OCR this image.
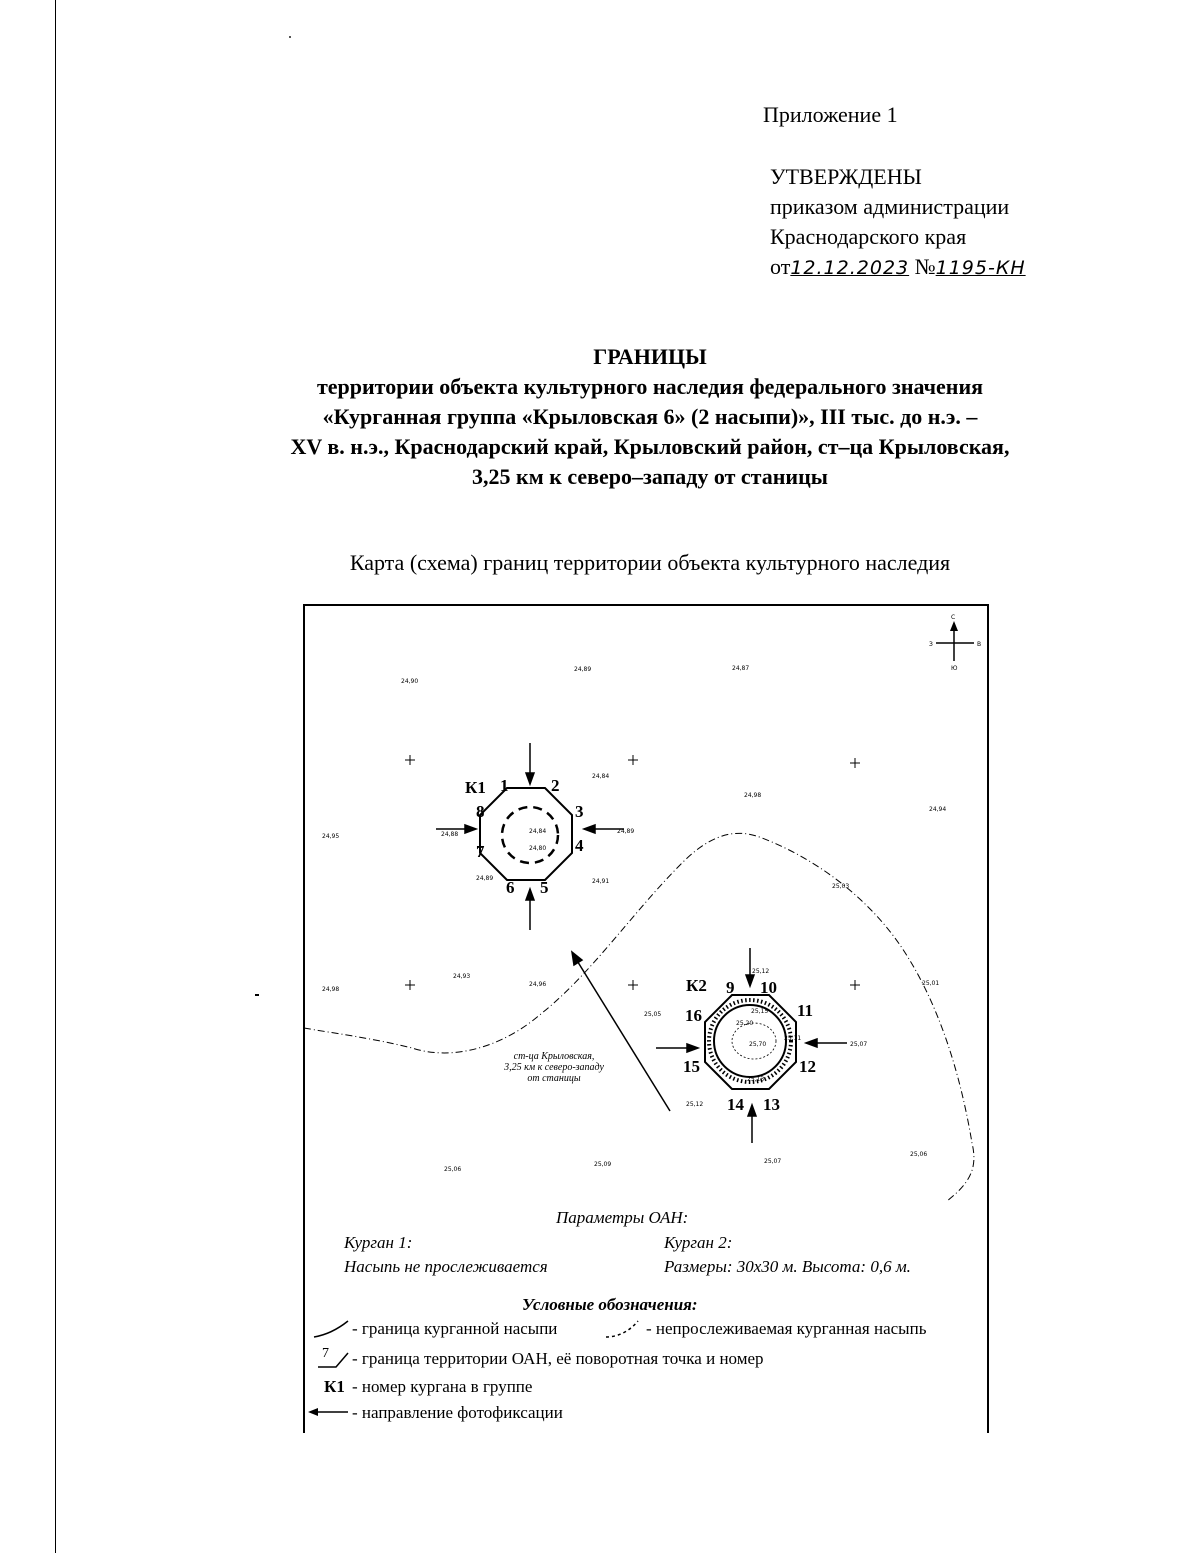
Приложение 1
УТВЕРЖДЕНЫ
приказом администрации
Краснодарского края
от12.12.2023 №1195-КН
ГРАНИЦЫ
территории объекта культурного наследия федерального значения
«Курганная группа «Крыловская 6» (2 насыпи)», III тыс. до н.э. –
XV в. н.э., Краснодарский край, Крыловский район, ст–ца Крыловская,
3,25 км к северо–западу от станицы
Карта (схема) границ территории объекта культурного наследия
С
Ю
З	В
24,90
24,89	24,87
24,84
24,98
24,94
24,95	24,88	24,84
24,80
24,89
24,89	24,91
25,03
24,98
24,93
24,96
25,05
25,12
25,07
25,01
25,12
25,06
25,09	25,07
25,06
25,15
25,20
25,70
25,11
25,13
К1 1	2
3
4
5
6
7
8
К2 9 10
11
12
13
14
15
16
ст-ца Крыловская,
3,25 км к северо-западу
от станицы
Параметры ОАН:
Курган 1:
Насыпь не прослеживается
Курган 2:
Размеры: 30х30 м. Высота: 0,6 м.
Условные обозначения:
- граница курганной насыпи	- непрослеживаемая курганная насыпь
7 - граница территории ОАН, её поворотная точка и номер
К1 - номер кургана в группе
- направление фотофиксации
